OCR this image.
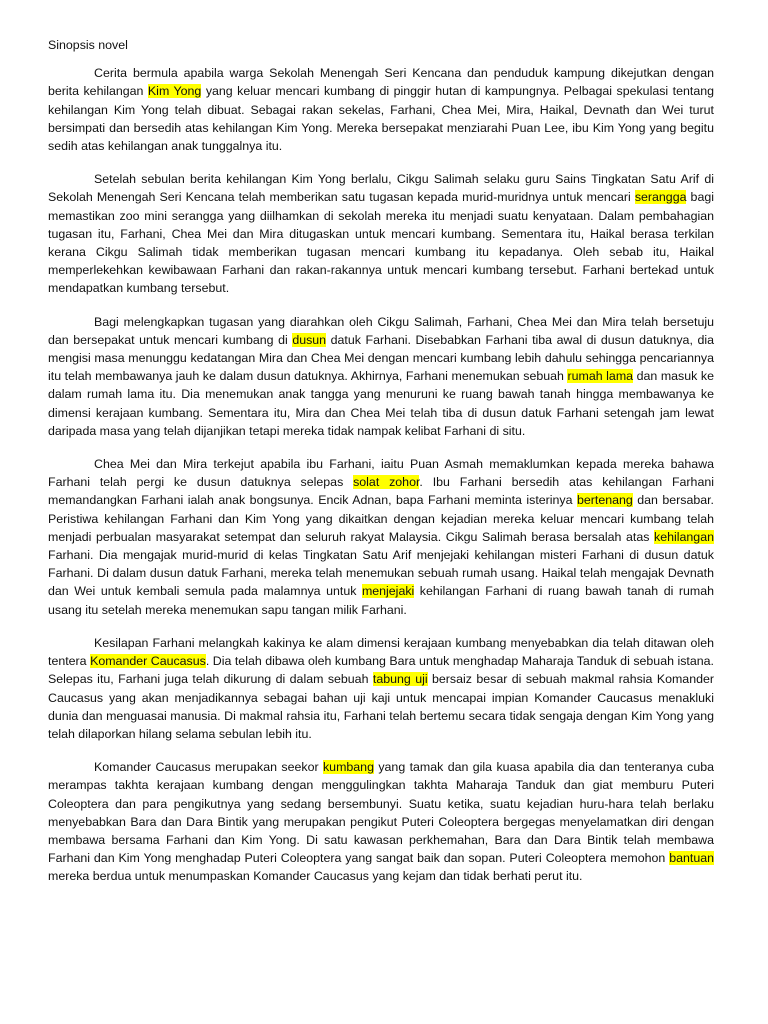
Sinopsis novel

Cerita bermula apabila warga Sekolah Menengah Seri Kencana dan penduduk kampung dikejutkan dengan berita kehilangan Kim Yong yang keluar mencari kumbang di pinggir hutan di kampungnya. Pelbagai spekulasi tentang kehilangan Kim Yong telah dibuat. Sebagai rakan sekelas, Farhani, Chea Mei, Mira, Haikal, Devnath dan Wei turut bersimpati dan bersedih atas kehilangan Kim Yong. Mereka bersepakat menziarahi Puan Lee, ibu Kim Yong yang begitu sedih atas kehilangan anak tunggalnya itu.

Setelah sebulan berita kehilangan Kim Yong berlalu, Cikgu Salimah selaku guru Sains Tingkatan Satu Arif di Sekolah Menengah Seri Kencana telah memberikan satu tugasan kepada murid-muridnya untuk mencari serangga bagi memastikan zoo mini serangga yang diilhamkan di sekolah mereka itu menjadi suatu kenyataan. Dalam pembahagian tugasan itu, Farhani, Chea Mei dan Mira ditugaskan untuk mencari kumbang. Sementara itu, Haikal berasa terkilan kerana Cikgu Salimah tidak memberikan tugasan mencari kumbang itu kepadanya. Oleh sebab itu, Haikal memperlekehkan kewibawaan Farhani dan rakan-rakannya untuk mencari kumbang tersebut. Farhani bertekad untuk mendapatkan kumbang tersebut.

Bagi melengkapkan tugasan yang diarahkan oleh Cikgu Salimah, Farhani, Chea Mei dan Mira telah bersetuju dan bersepakat untuk mencari kumbang di dusun datuk Farhani. Disebabkan Farhani tiba awal di dusun datuknya, dia mengisi masa menunggu kedatangan Mira dan Chea Mei dengan mencari kumbang lebih dahulu sehingga pencariannya itu telah membawanya jauh ke dalam dusun datuknya. Akhirnya, Farhani menemukan sebuah rumah lama dan masuk ke dalam rumah lama itu. Dia menemukan anak tangga yang menuruni ke ruang bawah tanah hingga membawanya ke dimensi kerajaan kumbang. Sementara itu, Mira dan Chea Mei telah tiba di dusun datuk Farhani setengah jam lewat daripada masa yang telah dijanjikan tetapi mereka tidak nampak kelibat Farhani di situ.

Chea Mei dan Mira terkejut apabila ibu Farhani, iaitu Puan Asmah memaklumkan kepada mereka bahawa Farhani telah pergi ke dusun datuknya selepas solat zohor. Ibu Farhani bersedih atas kehilangan Farhani memandangkan Farhani ialah anak bongsunya. Encik Adnan, bapa Farhani meminta isterinya bertenang dan bersabar. Peristiwa kehilangan Farhani dan Kim Yong yang dikaitkan dengan kejadian mereka keluar mencari kumbang telah menjadi perbualan masyarakat setempat dan seluruh rakyat Malaysia. Cikgu Salimah berasa bersalah atas kehilangan Farhani. Dia mengajak murid-murid di kelas Tingkatan Satu Arif menjejaki kehilangan misteri Farhani di dusun datuk Farhani. Di dalam dusun datuk Farhani, mereka telah menemukan sebuah rumah usang. Haikal telah mengajak Devnath dan Wei untuk kembali semula pada malamnya untuk menjejaki kehilangan Farhani di ruang bawah tanah di rumah usang itu setelah mereka menemukan sapu tangan milik Farhani.

Kesilapan Farhani melangkah kakinya ke alam dimensi kerajaan kumbang menyebabkan dia telah ditawan oleh tentera Komander Caucasus. Dia telah dibawa oleh kumbang Bara untuk menghadap Maharaja Tanduk di sebuah istana. Selepas itu, Farhani juga telah dikurung di dalam sebuah tabung uji bersaiz besar di sebuah makmal rahsia Komander Caucasus yang akan menjadikannya sebagai bahan uji kaji untuk mencapai impian Komander Caucasus menakluki dunia dan menguasai manusia. Di makmal rahsia itu, Farhani telah bertemu secara tidak sengaja dengan Kim Yong yang telah dilaporkan hilang selama sebulan lebih itu.

Komander Caucasus merupakan seekor kumbang yang tamak dan gila kuasa apabila dia dan tenteranya cuba merampas takhta kerajaan kumbang dengan menggulingkan takhta Maharaja Tanduk dan giat memburu Puteri Coleoptera dan para pengikutnya yang sedang bersembunyi. Suatu ketika, suatu kejadian huru-hara telah berlaku menyebabkan Bara dan Dara Bintik yang merupakan pengikut Puteri Coleoptera bergegas menyelamatkan diri dengan membawa bersama Farhani dan Kim Yong. Di satu kawasan perkhemahan, Bara dan Dara Bintik telah membawa Farhani dan Kim Yong menghadap Puteri Coleoptera yang sangat baik dan sopan. Puteri Coleoptera memohon bantuan mereka berdua untuk menumpaskan Komander Caucasus yang kejam dan tidak berhati perut itu.
